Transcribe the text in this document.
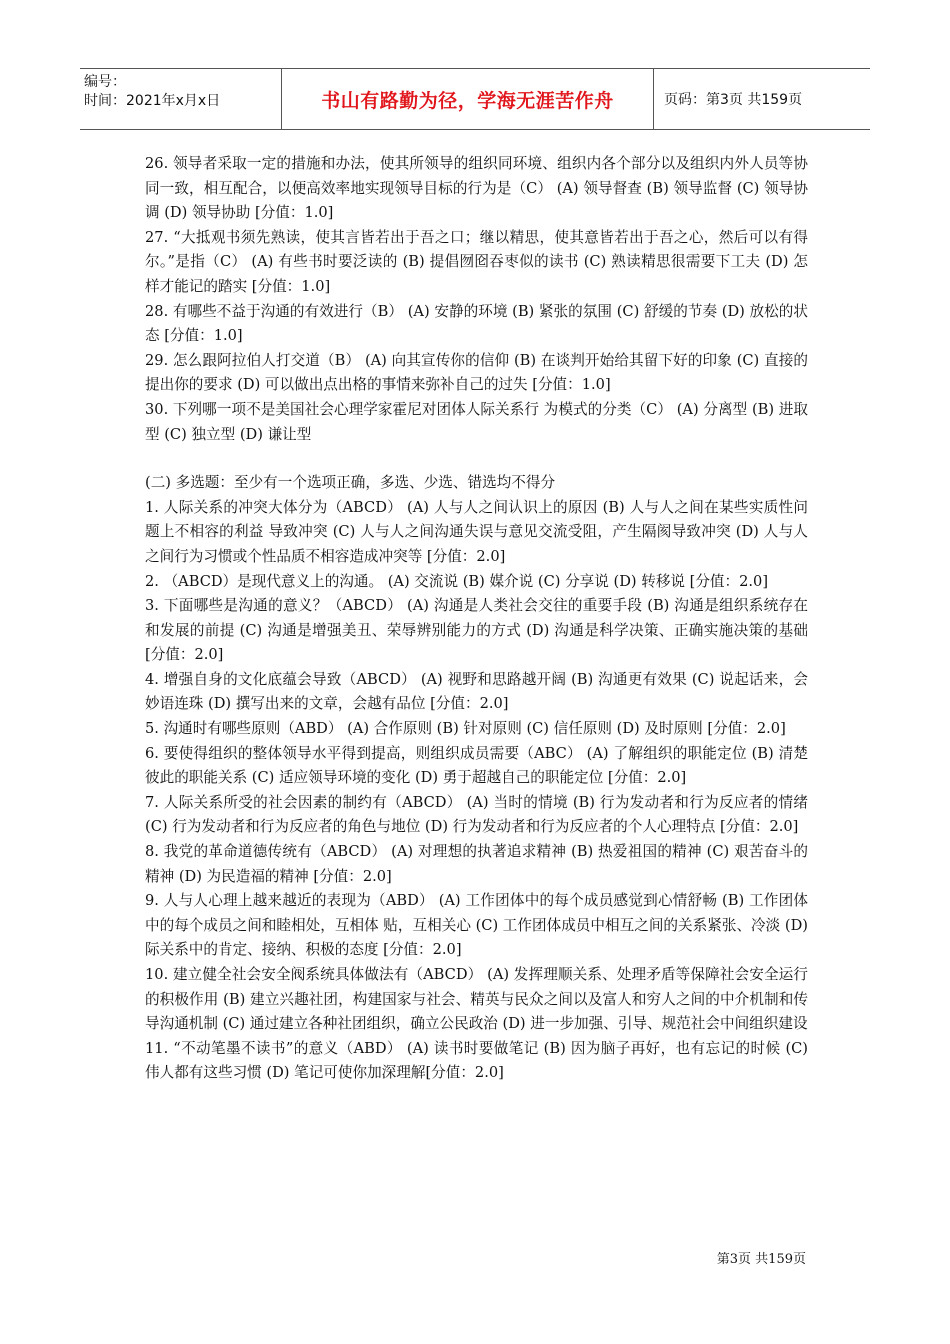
编号：
时间：2021年x月x日	书山有路勤为径，学海无涯苦作舟	页码：第3页 共159页

26. 领导者采取一定的措施和办法，使其所领导的组织同环境、组织内各个部分以及组织内外人员等协同一致，相互配合，以便高效率地实现领导目标的行为是（C） (A) 领导督查 (B) 领导监督 (C) 领导协调 (D) 领导协助 [分值：1.0]

27. “大抵观书须先熟读，使其言皆若出于吾之口；继以精思，使其意皆若出于吾之心，然后可以有得尔。”是指（C） (A) 有些书时要泛读的 (B) 提倡囫囵吞枣似的读书 (C) 熟读精思很需要下工夫 (D) 怎样才能记的踏实 [分值：1.0]

28. 有哪些不益于沟通的有效进行（B） (A) 安静的环境 (B) 紧张的氛围 (C) 舒缓的节奏 (D) 放松的状态 [分值：1.0]

29. 怎么跟阿拉伯人打交道（B） (A) 向其宣传你的信仰 (B) 在谈判开始给其留下好的印象 (C) 直接的提出你的要求 (D) 可以做出点出格的事情来弥补自己的过失 [分值：1.0]

30. 下列哪一项不是美国社会心理学家霍尼对团体人际关系行 为模式的分类（C） (A) 分离型 (B) 进取型 (C) 独立型 (D) 谦让型

(二) 多选题：至少有一个选项正确，多选、少选、错选均不得分

1. 人际关系的冲突大体分为（ABCD） (A) 人与人之间认识上的原因 (B) 人与人之间在某些实质性问题上不相容的利益 导致冲突 (C) 人与人之间沟通失误与意见交流受阻，产生隔阂导致冲突 (D) 人与人之间行为习惯或个性品质不相容造成冲突等 [分值：2.0]

2. （ABCD）是现代意义上的沟通。 (A) 交流说 (B) 媒介说 (C) 分享说 (D) 转移说 [分值：2.0]

3. 下面哪些是沟通的意义？（ABCD） (A) 沟通是人类社会交往的重要手段 (B) 沟通是组织系统存在和发展的前提 (C) 沟通是增强美丑、荣辱辨别能力的方式 (D) 沟通是科学决策、正确实施决策的基础 [分值：2.0]

4. 增强自身的文化底蕴会导致（ABCD） (A) 视野和思路越开阔 (B) 沟通更有效果 (C) 说起话来，会妙语连珠 (D) 撰写出来的文章，会越有品位 [分值：2.0]

5. 沟通时有哪些原则（ABD） (A) 合作原则 (B) 针对原则 (C) 信任原则 (D) 及时原则 [分值：2.0]

6. 要使得组织的整体领导水平得到提高，则组织成员需要（ABC） (A) 了解组织的职能定位 (B) 清楚彼此的职能关系 (C) 适应领导环境的变化 (D) 勇于超越自己的职能定位 [分值：2.0]

7. 人际关系所受的社会因素的制约有（ABCD） (A) 当时的情境 (B) 行为发动者和行为反应者的情绪 (C) 行为发动者和行为反应者的角色与地位 (D) 行为发动者和行为反应者的个人心理特点 [分值：2.0]

8. 我党的革命道德传统有（ABCD） (A) 对理想的执著追求精神 (B) 热爱祖国的精神 (C) 艰苦奋斗的精神 (D) 为民造福的精神 [分值：2.0]

9. 人与人心理上越来越近的表现为（ABD） (A) 工作团体中的每个成员感觉到心情舒畅 (B) 工作团体中的每个成员之间和睦相处，互相体 贴，互相关心 (C) 工作团体成员中相互之间的关系紧张、冷淡 (D) 际关系中的肯定、接纳、积极的态度 [分值：2.0]

10. 建立健全社会安全阀系统具体做法有（ABCD） (A) 发挥理顺关系、处理矛盾等保障社会安全运行的积极作用 (B) 建立兴趣社团，构建国家与社会、精英与民众之间以及富人和穷人之间的中介机制和传导沟通机制 (C) 通过建立各种社团组织，确立公民政治 (D) 进一步加强、引导、规范社会中间组织建设

11. “不动笔墨不读书”的意义（ABD） (A) 读书时要做笔记 (B) 因为脑子再好，也有忘记的时候 (C) 伟人都有这些习惯 (D) 笔记可使你加深理解[分值：2.0]

第3页 共159页
